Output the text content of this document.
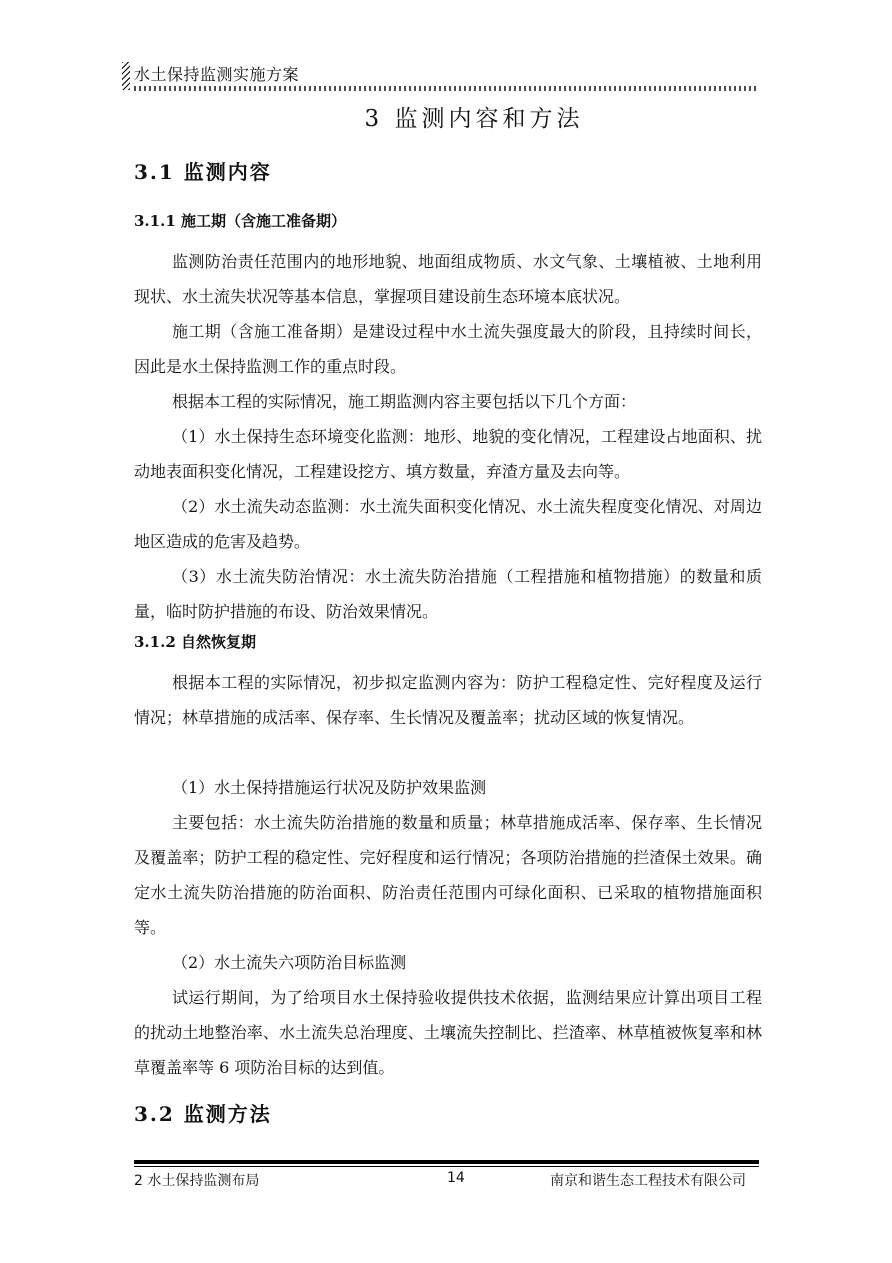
水土保持监测实施方案
3 监测内容和方法
3.1 监测内容
3.1.1 施工期（含施工准备期）

监测防治责任范围内的地形地貌、地面组成物质、水文气象、土壤植被、土地利用现状、水土流失状况等基本信息，掌握项目建设前生态环境本底状况。

施工期（含施工准备期）是建设过程中水土流失强度最大的阶段，且持续时间长，因此是水土保持监测工作的重点时段。

根据本工程的实际情况，施工期监测内容主要包括以下几个方面：

（1）水土保持生态环境变化监测：地形、地貌的变化情况，工程建设占地面积、扰动地表面积变化情况，工程建设挖方、填方数量，弃渣方量及去向等。

（2）水土流失动态监测：水土流失面积变化情况、水土流失程度变化情况、对周边地区造成的危害及趋势。

（3）水土流失防治情况：水土流失防治措施（工程措施和植物措施）的数量和质量，临时防护措施的布设、防治效果情况。

3.1.2 自然恢复期

根据本工程的实际情况，初步拟定监测内容为：防护工程稳定性、完好程度及运行情况；林草措施的成活率、保存率、生长情况及覆盖率；扰动区域的恢复情况。

（1）水土保持措施运行状况及防护效果监测

主要包括：水土流失防治措施的数量和质量；林草措施成活率、保存率、生长情况及覆盖率；防护工程的稳定性、完好程度和运行情况；各项防治措施的拦渣保土效果。确定水土流失防治措施的防治面积、防治责任范围内可绿化面积、已采取的植物措施面积等。

（2）水土流失六项防治目标监测

试运行期间，为了给项目水土保持验收提供技术依据，监测结果应计算出项目工程的扰动土地整治率、水土流失总治理度、土壤流失控制比、拦渣率、林草植被恢复率和林草覆盖率等 6 项防治目标的达到值。

3.2 监测方法
2 水土保持监测布局	14	南京和谐生态工程技术有限公司
